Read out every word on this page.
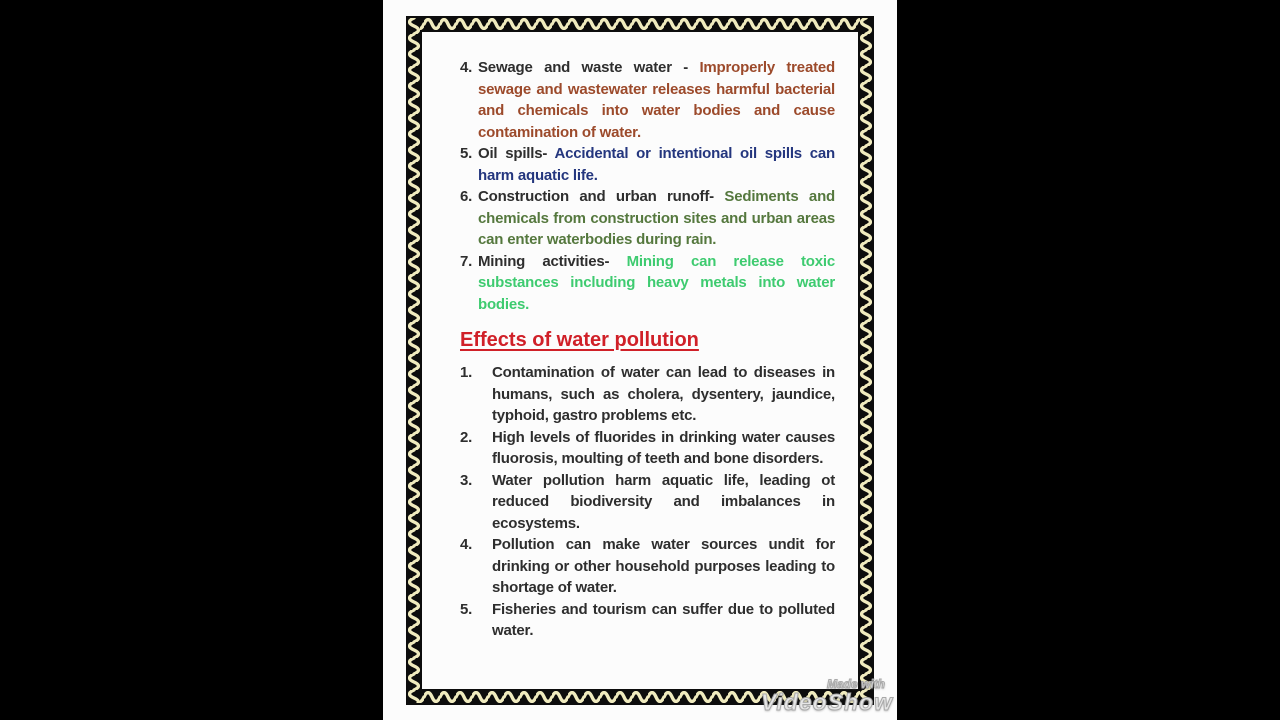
4. Sewage and waste water - Improperly treated sewage and wastewater releases harmful bacterial and chemicals into water bodies and cause contamination of water.
5. Oil spills- Accidental or intentional oil spills can harm aquatic life.
6. Construction and urban runoff- Sediments and chemicals from construction sites and urban areas can enter waterbodies during rain.
7. Mining activities- Mining can release toxic substances including heavy metals into water bodies.
Effects of water pollution
1. Contamination of water can lead to diseases in humans, such as cholera, dysentery, jaundice, typhoid, gastro problems etc.
2. High levels of fluorides in drinking water causes fluorosis, moulting of teeth and bone disorders.
3. Water pollution harm aquatic life, leading ot reduced biodiversity and imbalances in ecosystems.
4. Pollution can make water sources undit for drinking or other household purposes leading to shortage of water.
5. Fisheries and tourism can suffer due to polluted water.
Made with
VideoShow
